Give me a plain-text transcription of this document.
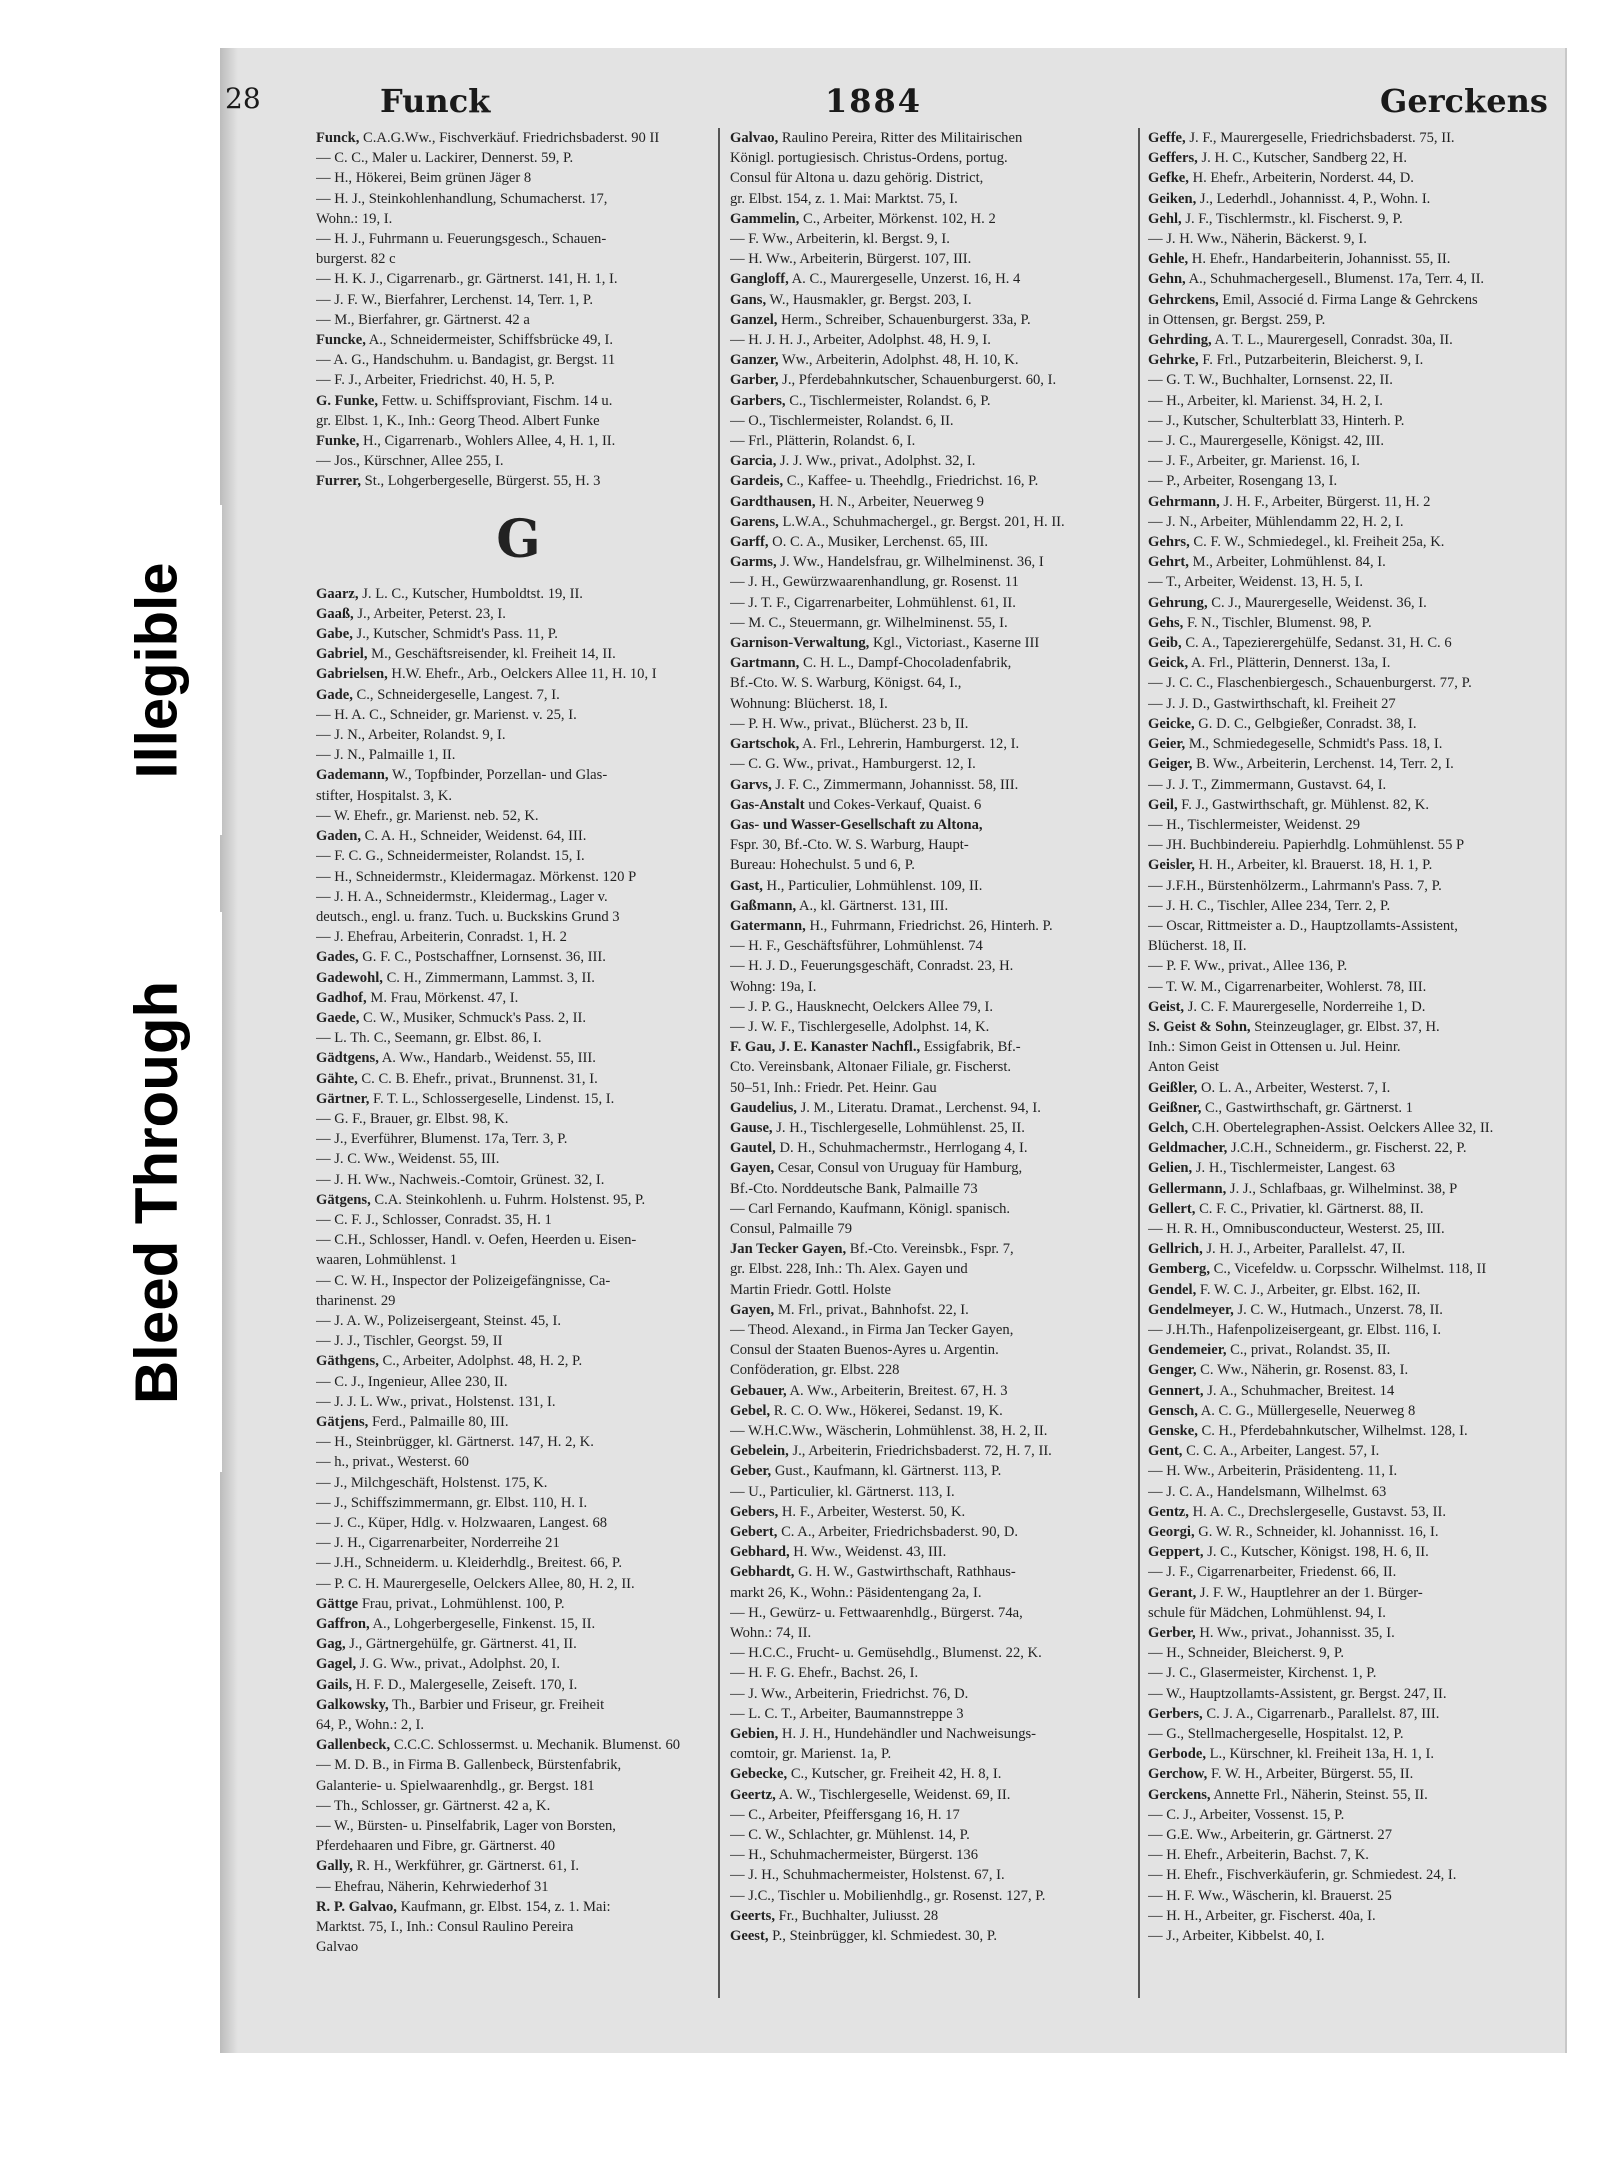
28	Funck	1884	Gerckens
Funck, C.A.G.Ww., Fischverkäuf. Friedrichsbaderst. 90 II
— C. C., Maler u. Lackirer, Dennerst. 59, P.
— H., Hökerei, Beim grünen Jäger 8
— H. J., Steinkohlenhandlung, Schumacherst. 17,
Wohn.: 19, I.
— H. J., Fuhrmann u. Feuerungsgesch., Schauen-
burgerst. 82 c
— H. K. J., Cigarrenarb., gr. Gärtnerst. 141, H. 1, I.
— J. F. W., Bierfahrer, Lerchenst. 14, Terr. 1, P.
— M., Bierfahrer, gr. Gärtnerst. 42 a
Funcke, A., Schneidermeister, Schiffsbrücke 49, I.
— A. G., Handschuhm. u. Bandagist, gr. Bergst. 11
— F. J., Arbeiter, Friedrichst. 40, H. 5, P.
G. Funke, Fettw. u. Schiffsproviant, Fischm. 14 u.
gr. Elbst. 1, K., Inh.: Georg Theod. Albert Funke
Funke, H., Cigarrenarb., Wohlers Allee, 4, H. 1, II.
— Jos., Kürschner, Allee 255, I.
Furrer, St., Lohgerbergeselle, Bürgerst. 55, H. 3
G
Gaarz, J. L. C., Kutscher, Humboldtst. 19, II.
Gaaß, J., Arbeiter, Peterst. 23, I.
Gabe, J., Kutscher, Schmidt's Pass. 11, P.
Gabriel, M., Geschäftsreisender, kl. Freiheit 14, II.
Gabrielsen, H.W. Ehefr., Arb., Oelckers Allee 11, H. 10, I
Gade, C., Schneidergeselle, Langest. 7, I.
— H. A. C., Schneider, gr. Marienst. v. 25, I.
— J. N., Arbeiter, Rolandst. 9, I.
— J. N., Palmaille 1, II.
Gademann, W., Topfbinder, Porzellan- und Glas-
stifter, Hospitalst. 3, K.
— W. Ehefr., gr. Marienst. neb. 52, K.
Gaden, C. A. H., Schneider, Weidenst. 64, III.
— F. C. G., Schneidermeister, Rolandst. 15, I.
— H., Schneidermstr., Kleidermagaz. Mörkenst. 120 P
— J. H. A., Schneidermstr., Kleidermag., Lager v.
deutsch., engl. u. franz. Tuch. u. Buckskins Grund 3
— J. Ehefrau, Arbeiterin, Conradst. 1, H. 2
Gades, G. F. C., Postschaffner, Lornsenst. 36, III.
Gadewohl, C. H., Zimmermann, Lammst. 3, II.
Gadhof, M. Frau, Mörkenst. 47, I.
Gaede, C. W., Musiker, Schmuck's Pass. 2, II.
— L. Th. C., Seemann, gr. Elbst. 86, I.
Gädtgens, A. Ww., Handarb., Weidenst. 55, III.
Gähte, C. C. B. Ehefr., privat., Brunnenst. 31, I.
Gärtner, F. T. L., Schlossergeselle, Lindenst. 15, I.
— G. F., Brauer, gr. Elbst. 98, K.
— J., Everführer, Blumenst. 17a, Terr. 3, P.
— J. C. Ww., Weidenst. 55, III.
— J. H. Ww., Nachweis.-Comtoir, Grünest. 32, I.
Gätgens, C.A. Steinkohlenh. u. Fuhrm. Holstenst. 95, P.
— C. F. J., Schlosser, Conradst. 35, H. 1
— C.H., Schlosser, Handl. v. Oefen, Heerden u. Eisen-
waaren, Lohmühlenst. 1
— C. W. H., Inspector der Polizeigefängnisse, Ca-
tharinenst. 29
— J. A. W., Polizeisergeant, Steinst. 45, I.
— J. J., Tischler, Georgst. 59, II
Gäthgens, C., Arbeiter, Adolphst. 48, H. 2, P.
— C. J., Ingenieur, Allee 230, II.
— J. J. L. Ww., privat., Holstenst. 131, I.
Gätjens, Ferd., Palmaille 80, III.
— H., Steinbrügger, kl. Gärtnerst. 147, H. 2, K.
— h., privat., Westerst. 60
— J., Milchgeschäft, Holstenst. 175, K.
— J., Schiffszimmermann, gr. Elbst. 110, H. I.
— J. C., Küper, Hdlg. v. Holzwaaren, Langest. 68
— J. H., Cigarrenarbeiter, Norderreihe 21
— J.H., Schneiderm. u. Kleiderhdlg., Breitest. 66, P.
— P. C. H. Maurergeselle, Oelckers Allee, 80, H. 2, II.
Gättge Frau, privat., Lohmühlenst. 100, P.
Gaffron, A., Lohgerbergeselle, Finkenst. 15, II.
Gag, J., Gärtnergehülfe, gr. Gärtnerst. 41, II.
Gagel, J. G. Ww., privat., Adolphst. 20, I.
Gails, H. F. D., Malergeselle, Zeiseft. 170, I.
Galkowsky, Th., Barbier und Friseur, gr. Freiheit
64, P., Wohn.: 2, I.
Gallenbeck, C.C.C. Schlossermst. u. Mechanik. Blumenst. 60
— M. D. B., in Firma B. Gallenbeck, Bürstenfabrik,
Galanterie- u. Spielwaarenhdlg., gr. Bergst. 181
— Th., Schlosser, gr. Gärtnerst. 42 a, K.
— W., Bürsten- u. Pinselfabrik, Lager von Borsten,
Pferdehaaren und Fibre, gr. Gärtnerst. 40
Gally, R. H., Werkführer, gr. Gärtnerst. 61, I.
— Ehefrau, Näherin, Kehrwiederhof 31
R. P. Galvao, Kaufmann, gr. Elbst. 154, z. 1. Mai:
Marktst. 75, I., Inh.: Consul Raulino Pereira
Galvao
Galvao, Raulino Pereira, Ritter des Militairischen
Königl. portugiesisch. Christus-Ordens, portug.
Consul für Altona u. dazu gehörig. District,
gr. Elbst. 154, z. 1. Mai: Marktst. 75, I.
Gammelin, C., Arbeiter, Mörkenst. 102, H. 2
— F. Ww., Arbeiterin, kl. Bergst. 9, I.
— H. Ww., Arbeiterin, Bürgerst. 107, III.
Gangloff, A. C., Maurergeselle, Unzerst. 16, H. 4
Gans, W., Hausmakler, gr. Bergst. 203, I.
Ganzel, Herm., Schreiber, Schauenburgerst. 33a, P.
— H. J. H. J., Arbeiter, Adolphst. 48, H. 9, I.
Ganzer, Ww., Arbeiterin, Adolphst. 48, H. 10, K.
Garber, J., Pferdebahnkutscher, Schauenburgerst. 60, I.
Garbers, C., Tischlermeister, Rolandst. 6, P.
— O., Tischlermeister, Rolandst. 6, II.
— Frl., Plätterin, Rolandst. 6, I.
Garcia, J. J. Ww., privat., Adolphst. 32, I.
Gardeis, C., Kaffee- u. Theehdlg., Friedrichst. 16, P.
Gardthausen, H. N., Arbeiter, Neuerweg 9
Garens, L.W.A., Schuhmachergel., gr. Bergst. 201, H. II.
Garff, O. C. A., Musiker, Lerchenst. 65, III.
Garms, J. Ww., Handelsfrau, gr. Wilhelminenst. 36, I
— J. H., Gewürzwaarenhandlung, gr. Rosenst. 11
— J. T. F., Cigarrenarbeiter, Lohmühlenst. 61, II.
— M. C., Steuermann, gr. Wilhelminenst. 55, I.
Garnison-Verwaltung, Kgl., Victoriast., Kaserne III
Gartmann, C. H. L., Dampf-Chocoladenfabrik,
Bf.-Cto. W. S. Warburg, Königst. 64, I.,
Wohnung: Blücherst. 18, I.
— P. H. Ww., privat., Blücherst. 23 b, II.
Gartschok, A. Frl., Lehrerin, Hamburgerst. 12, I.
— C. G. Ww., privat., Hamburgerst. 12, I.
Garvs, J. F. C., Zimmermann, Johannisst. 58, III.
Gas-Anstalt und Cokes-Verkauf, Quaist. 6
Gas- und Wasser-Gesellschaft zu Altona,
Fspr. 30, Bf.-Cto. W. S. Warburg, Haupt-
Bureau: Hohechulst. 5 und 6, P.
Gast, H., Particulier, Lohmühlenst. 109, II.
Gaßmann, A., kl. Gärtnerst. 131, III.
Gatermann, H., Fuhrmann, Friedrichst. 26, Hinterh. P.
— H. F., Geschäftsführer, Lohmühlenst. 74
— H. J. D., Feuerungsgeschäft, Conradst. 23, H.
Wohng: 19a, I.
— J. P. G., Hausknecht, Oelckers Allee 79, I.
— J. W. F., Tischlergeselle, Adolphst. 14, K.
F. Gau, J. E. Kanaster Nachfl., Essigfabrik, Bf.-
Cto. Vereinsbank, Altonaer Filiale, gr. Fischerst.
50–51, Inh.: Friedr. Pet. Heinr. Gau
Gaudelius, J. M., Literatu. Dramat., Lerchenst. 94, I.
Gause, J. H., Tischlergeselle, Lohmühlenst. 25, II.
Gautel, D. H., Schuhmachermstr., Herrlogang 4, I.
Gayen, Cesar, Consul von Uruguay für Hamburg,
Bf.-Cto. Norddeutsche Bank, Palmaille 73
— Carl Fernando, Kaufmann, Königl. spanisch.
Consul, Palmaille 79
Jan Tecker Gayen, Bf.-Cto. Vereinsbk., Fspr. 7,
gr. Elbst. 228, Inh.: Th. Alex. Gayen und
Martin Friedr. Gottl. Holste
Gayen, M. Frl., privat., Bahnhofst. 22, I.
— Theod. Alexand., in Firma Jan Tecker Gayen,
Consul der Staaten Buenos-Ayres u. Argentin.
Conföderation, gr. Elbst. 228
Gebauer, A. Ww., Arbeiterin, Breitest. 67, H. 3
Gebel, R. C. O. Ww., Hökerei, Sedanst. 19, K.
— W.H.C.Ww., Wäscherin, Lohmühlenst. 38, H. 2, II.
Gebelein, J., Arbeiterin, Friedrichsbaderst. 72, H. 7, II.
Geber, Gust., Kaufmann, kl. Gärtnerst. 113, P.
— U., Particulier, kl. Gärtnerst. 113, I.
Gebers, H. F., Arbeiter, Westerst. 50, K.
Gebert, C. A., Arbeiter, Friedrichsbaderst. 90, D.
Gebhard, H. Ww., Weidenst. 43, III.
Gebhardt, G. H. W., Gastwirthschaft, Rathhaus-
markt 26, K., Wohn.: Päsidentengang 2a, I.
— H., Gewürz- u. Fettwaarenhdlg., Bürgerst. 74a,
Wohn.: 74, II.
— H.C.C., Frucht- u. Gemüsehdlg., Blumenst. 22, K.
— H. F. G. Ehefr., Bachst. 26, I.
— J. Ww., Arbeiterin, Friedrichst. 76, D.
— L. C. T., Arbeiter, Baumannstreppe 3
Gebien, H. J. H., Hundehändler und Nachweisungs-
comtoir, gr. Marienst. 1a, P.
Gebecke, C., Kutscher, gr. Freiheit 42, H. 8, I.
Geertz, A. W., Tischlergeselle, Weidenst. 69, II.
— C., Arbeiter, Pfeiffersgang 16, H. 17
— C. W., Schlachter, gr. Mühlenst. 14, P.
— H., Schuhmachermeister, Bürgerst. 136
— J. H., Schuhmachermeister, Holstenst. 67, I.
— J.C., Tischler u. Mobilienhdlg., gr. Rosenst. 127, P.
Geerts, Fr., Buchhalter, Juliusst. 28
Geest, P., Steinbrügger, kl. Schmiedest. 30, P.
Geffe, J. F., Maurergeselle, Friedrichsbaderst. 75, II.
Geffers, J. H. C., Kutscher, Sandberg 22, H.
Gefke, H. Ehefr., Arbeiterin, Norderst. 44, D.
Geiken, J., Lederhdl., Johannisst. 4, P., Wohn. I.
Gehl, J. F., Tischlermstr., kl. Fischerst. 9, P.
— J. H. Ww., Näherin, Bäckerst. 9, I.
Gehle, H. Ehefr., Handarbeiterin, Johannisst. 55, II.
Gehn, A., Schuhmachergesell., Blumenst. 17a, Terr. 4, II.
Gehrckens, Emil, Associé d. Firma Lange & Gehrckens
in Ottensen, gr. Bergst. 259, P.
Gehrding, A. T. L., Maurergesell, Conradst. 30a, II.
Gehrke, F. Frl., Putzarbeiterin, Bleicherst. 9, I.
— G. T. W., Buchhalter, Lornsenst. 22, II.
— H., Arbeiter, kl. Marienst. 34, H. 2, I.
— J., Kutscher, Schulterblatt 33, Hinterh. P.
— J. C., Maurergeselle, Königst. 42, III.
— J. F., Arbeiter, gr. Marienst. 16, I.
— P., Arbeiter, Rosengang 13, I.
Gehrmann, J. H. F., Arbeiter, Bürgerst. 11, H. 2
— J. N., Arbeiter, Mühlendamm 22, H. 2, I.
Gehrs, C. F. W., Schmiedegel., kl. Freiheit 25a, K.
Gehrt, M., Arbeiter, Lohmühlenst. 84, I.
— T., Arbeiter, Weidenst. 13, H. 5, I.
Gehrung, C. J., Maurergeselle, Weidenst. 36, I.
Gehs, F. N., Tischler, Blumenst. 98, P.
Geib, C. A., Tapezierergehülfe, Sedanst. 31, H. C. 6
Geick, A. Frl., Plätterin, Dennerst. 13a, I.
— J. C. C., Flaschenbiergesch., Schauenburgerst. 77, P.
— J. J. D., Gastwirthschaft, kl. Freiheit 27
Geicke, G. D. C., Gelbgießer, Conradst. 38, I.
Geier, M., Schmiedegeselle, Schmidt's Pass. 18, I.
Geiger, B. Ww., Arbeiterin, Lerchenst. 14, Terr. 2, I.
— J. J. T., Zimmermann, Gustavst. 64, I.
Geil, F. J., Gastwirthschaft, gr. Mühlenst. 82, K.
— H., Tischlermeister, Weidenst. 29
— JH. Buchbindereiu. Papierhdlg. Lohmühlenst. 55 P
Geisler, H. H., Arbeiter, kl. Brauerst. 18, H. 1, P.
— J.F.H., Bürstenhölzerm., Lahrmann's Pass. 7, P.
— J. H. C., Tischler, Allee 234, Terr. 2, P.
— Oscar, Rittmeister a. D., Hauptzollamts-Assistent,
Blücherst. 18, II.
— P. F. Ww., privat., Allee 136, P.
— T. W. M., Cigarrenarbeiter, Wohlerst. 78, III.
Geist, J. C. F. Maurergeselle, Norderreihe 1, D.
S. Geist & Sohn, Steinzeuglager, gr. Elbst. 37, H.
Inh.: Simon Geist in Ottensen u. Jul. Heinr.
Anton Geist
Geißler, O. L. A., Arbeiter, Westerst. 7, I.
Geißner, C., Gastwirthschaft, gr. Gärtnerst. 1
Gelch, C.H. Obertelegraphen-Assist. Oelckers Allee 32, II.
Geldmacher, J.C.H., Schneiderm., gr. Fischerst. 22, P.
Gelien, J. H., Tischlermeister, Langest. 63
Gellermann, J. J., Schlafbaas, gr. Wilhelminst. 38, P
Gellert, C. F. C., Privatier, kl. Gärtnerst. 88, II.
— H. R. H., Omnibusconducteur, Westerst. 25, III.
Gellrich, J. H. J., Arbeiter, Parallelst. 47, II.
Gemberg, C., Vicefeldw. u. Corpsschr. Wilhelmst. 118, II
Gendel, F. W. C. J., Arbeiter, gr. Elbst. 162, II.
Gendelmeyer, J. C. W., Hutmach., Unzerst. 78, II.
— J.H.Th., Hafenpolizeisergeant, gr. Elbst. 116, I.
Gendemeier, C., privat., Rolandst. 35, II.
Genger, C. Ww., Näherin, gr. Rosenst. 83, I.
Gennert, J. A., Schuhmacher, Breitest. 14
Gensch, A. C. G., Müllergeselle, Neuerweg 8
Genske, C. H., Pferdebahnkutscher, Wilhelmst. 128, I.
Gent, C. C. A., Arbeiter, Langest. 57, I.
— H. Ww., Arbeiterin, Präsidenteng. 11, I.
— J. C. A., Handelsmann, Wilhelmst. 63
Gentz, H. A. C., Drechslergeselle, Gustavst. 53, II.
Georgi, G. W. R., Schneider, kl. Johannisst. 16, I.
Geppert, J. C., Kutscher, Königst. 198, H. 6, II.
— J. F., Cigarrenarbeiter, Friedenst. 66, II.
Gerant, J. F. W., Hauptlehrer an der 1. Bürger-
schule für Mädchen, Lohmühlenst. 94, I.
Gerber, H. Ww., privat., Johannisst. 35, I.
— H., Schneider, Bleicherst. 9, P.
— J. C., Glasermeister, Kirchenst. 1, P.
— W., Hauptzollamts-Assistent, gr. Bergst. 247, II.
Gerbers, C. J. A., Cigarrenarb., Parallelst. 87, III.
— G., Stellmachergeselle, Hospitalst. 12, P.
Gerbode, L., Kürschner, kl. Freiheit 13a, H. 1, I.
Gerchow, F. W. H., Arbeiter, Bürgerst. 55, II.
Gerckens, Annette Frl., Näherin, Steinst. 55, II.
— C. J., Arbeiter, Vossenst. 15, P.
— G.E. Ww., Arbeiterin, gr. Gärtnerst. 27
— H. Ehefr., Arbeiterin, Bachst. 7, K.
— H. Ehefr., Fischverkäuferin, gr. Schmiedest. 24, I.
— H. F. Ww., Wäscherin, kl. Brauerst. 25
— H. H., Arbeiter, gr. Fischerst. 40a, I.
— J., Arbeiter, Kibbelst. 40, I.
Illegible
Bleed Through
